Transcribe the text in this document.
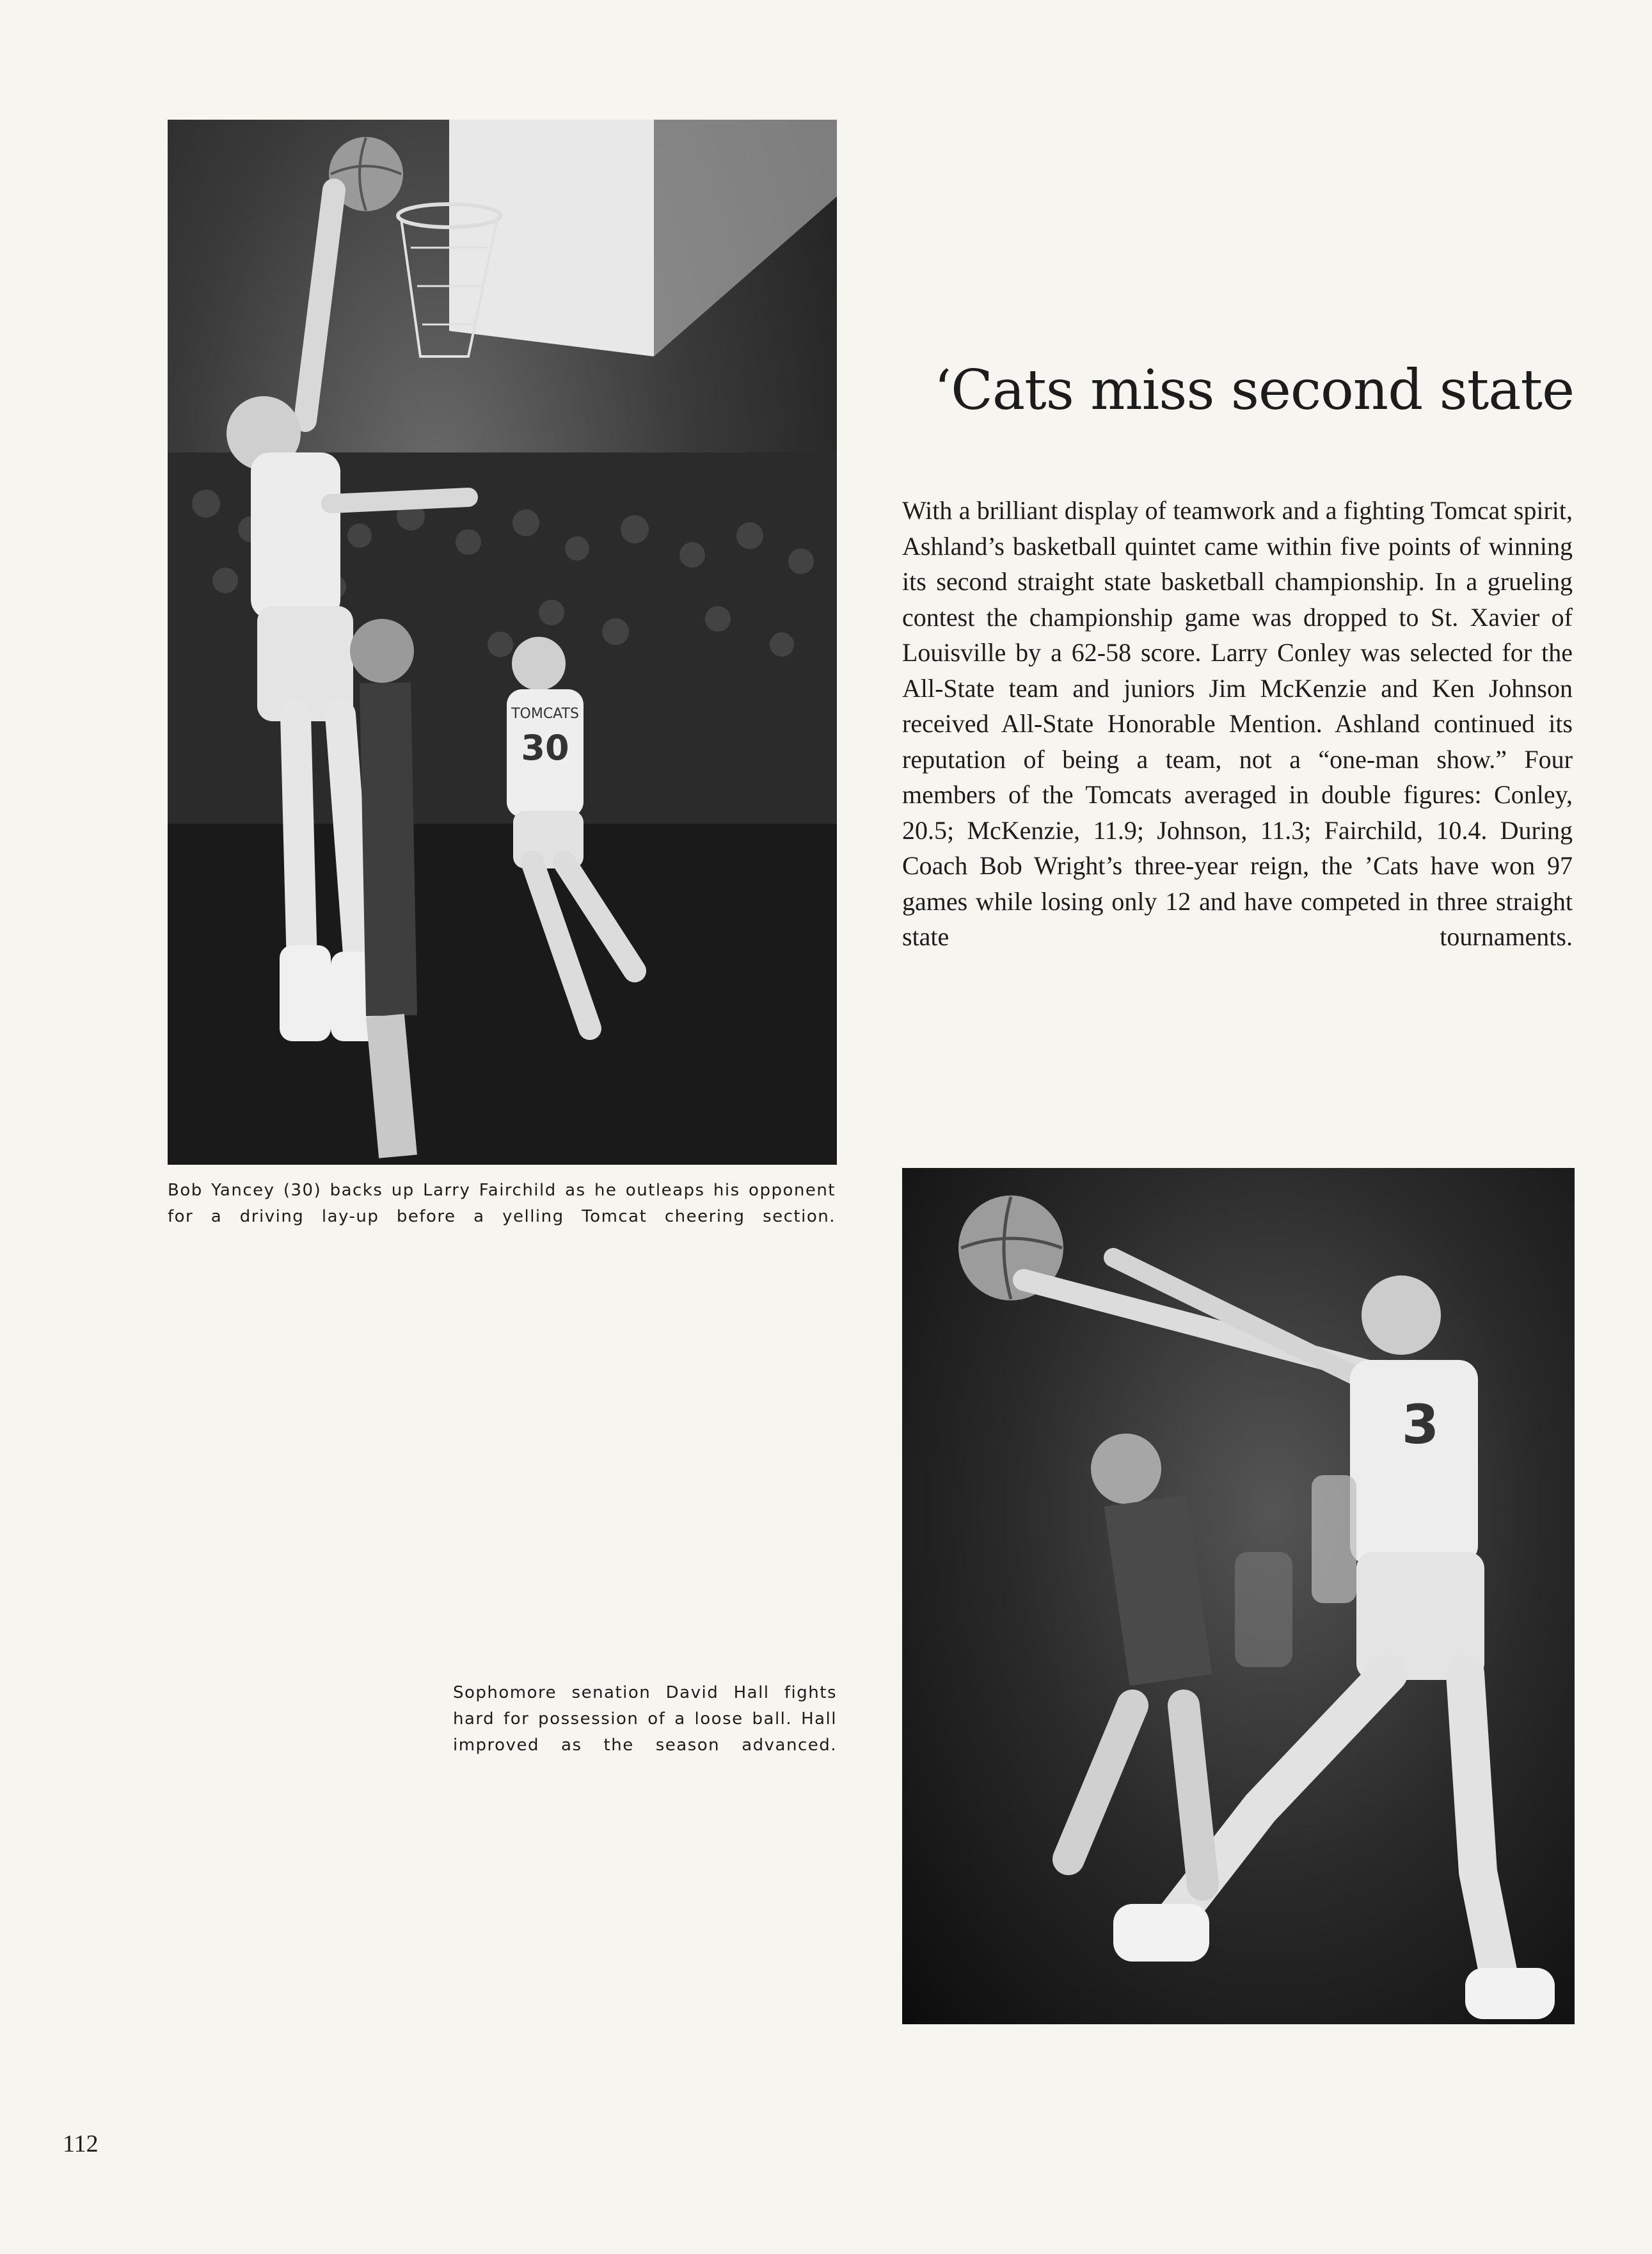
30
TOMCATS
‘Cats miss second state

With a brilliant display of teamwork and a fighting Tomcat spirit, Ashland’s basketball quintet came within five points of winning its second straight state basketball championship. In a grueling contest the championship game was dropped to St. Xavier of Louisville by a 62-58 score. Larry Conley was selected for the All-State team and juniors Jim McKenzie and Ken Johnson received All-State Honorable Mention. Ashland continued its reputation of being a team, not a “one-man show.” Four members of the Tomcats averaged in double figures: Conley, 20.5; McKenzie, 11.9; Johnson, 11.3; Fairchild, 10.4. During Coach Bob Wright’s three-year reign, the ’Cats have won 97 games while losing only 12 and have competed in three straight state tournaments.

Bob Yancey (30) backs up Larry Fairchild as he outleaps his opponent for a driving lay-up before a yelling Tomcat cheering section.

3

Sophomore senation David Hall fights hard for possession of a loose ball. Hall improved as the season advanced.

112
